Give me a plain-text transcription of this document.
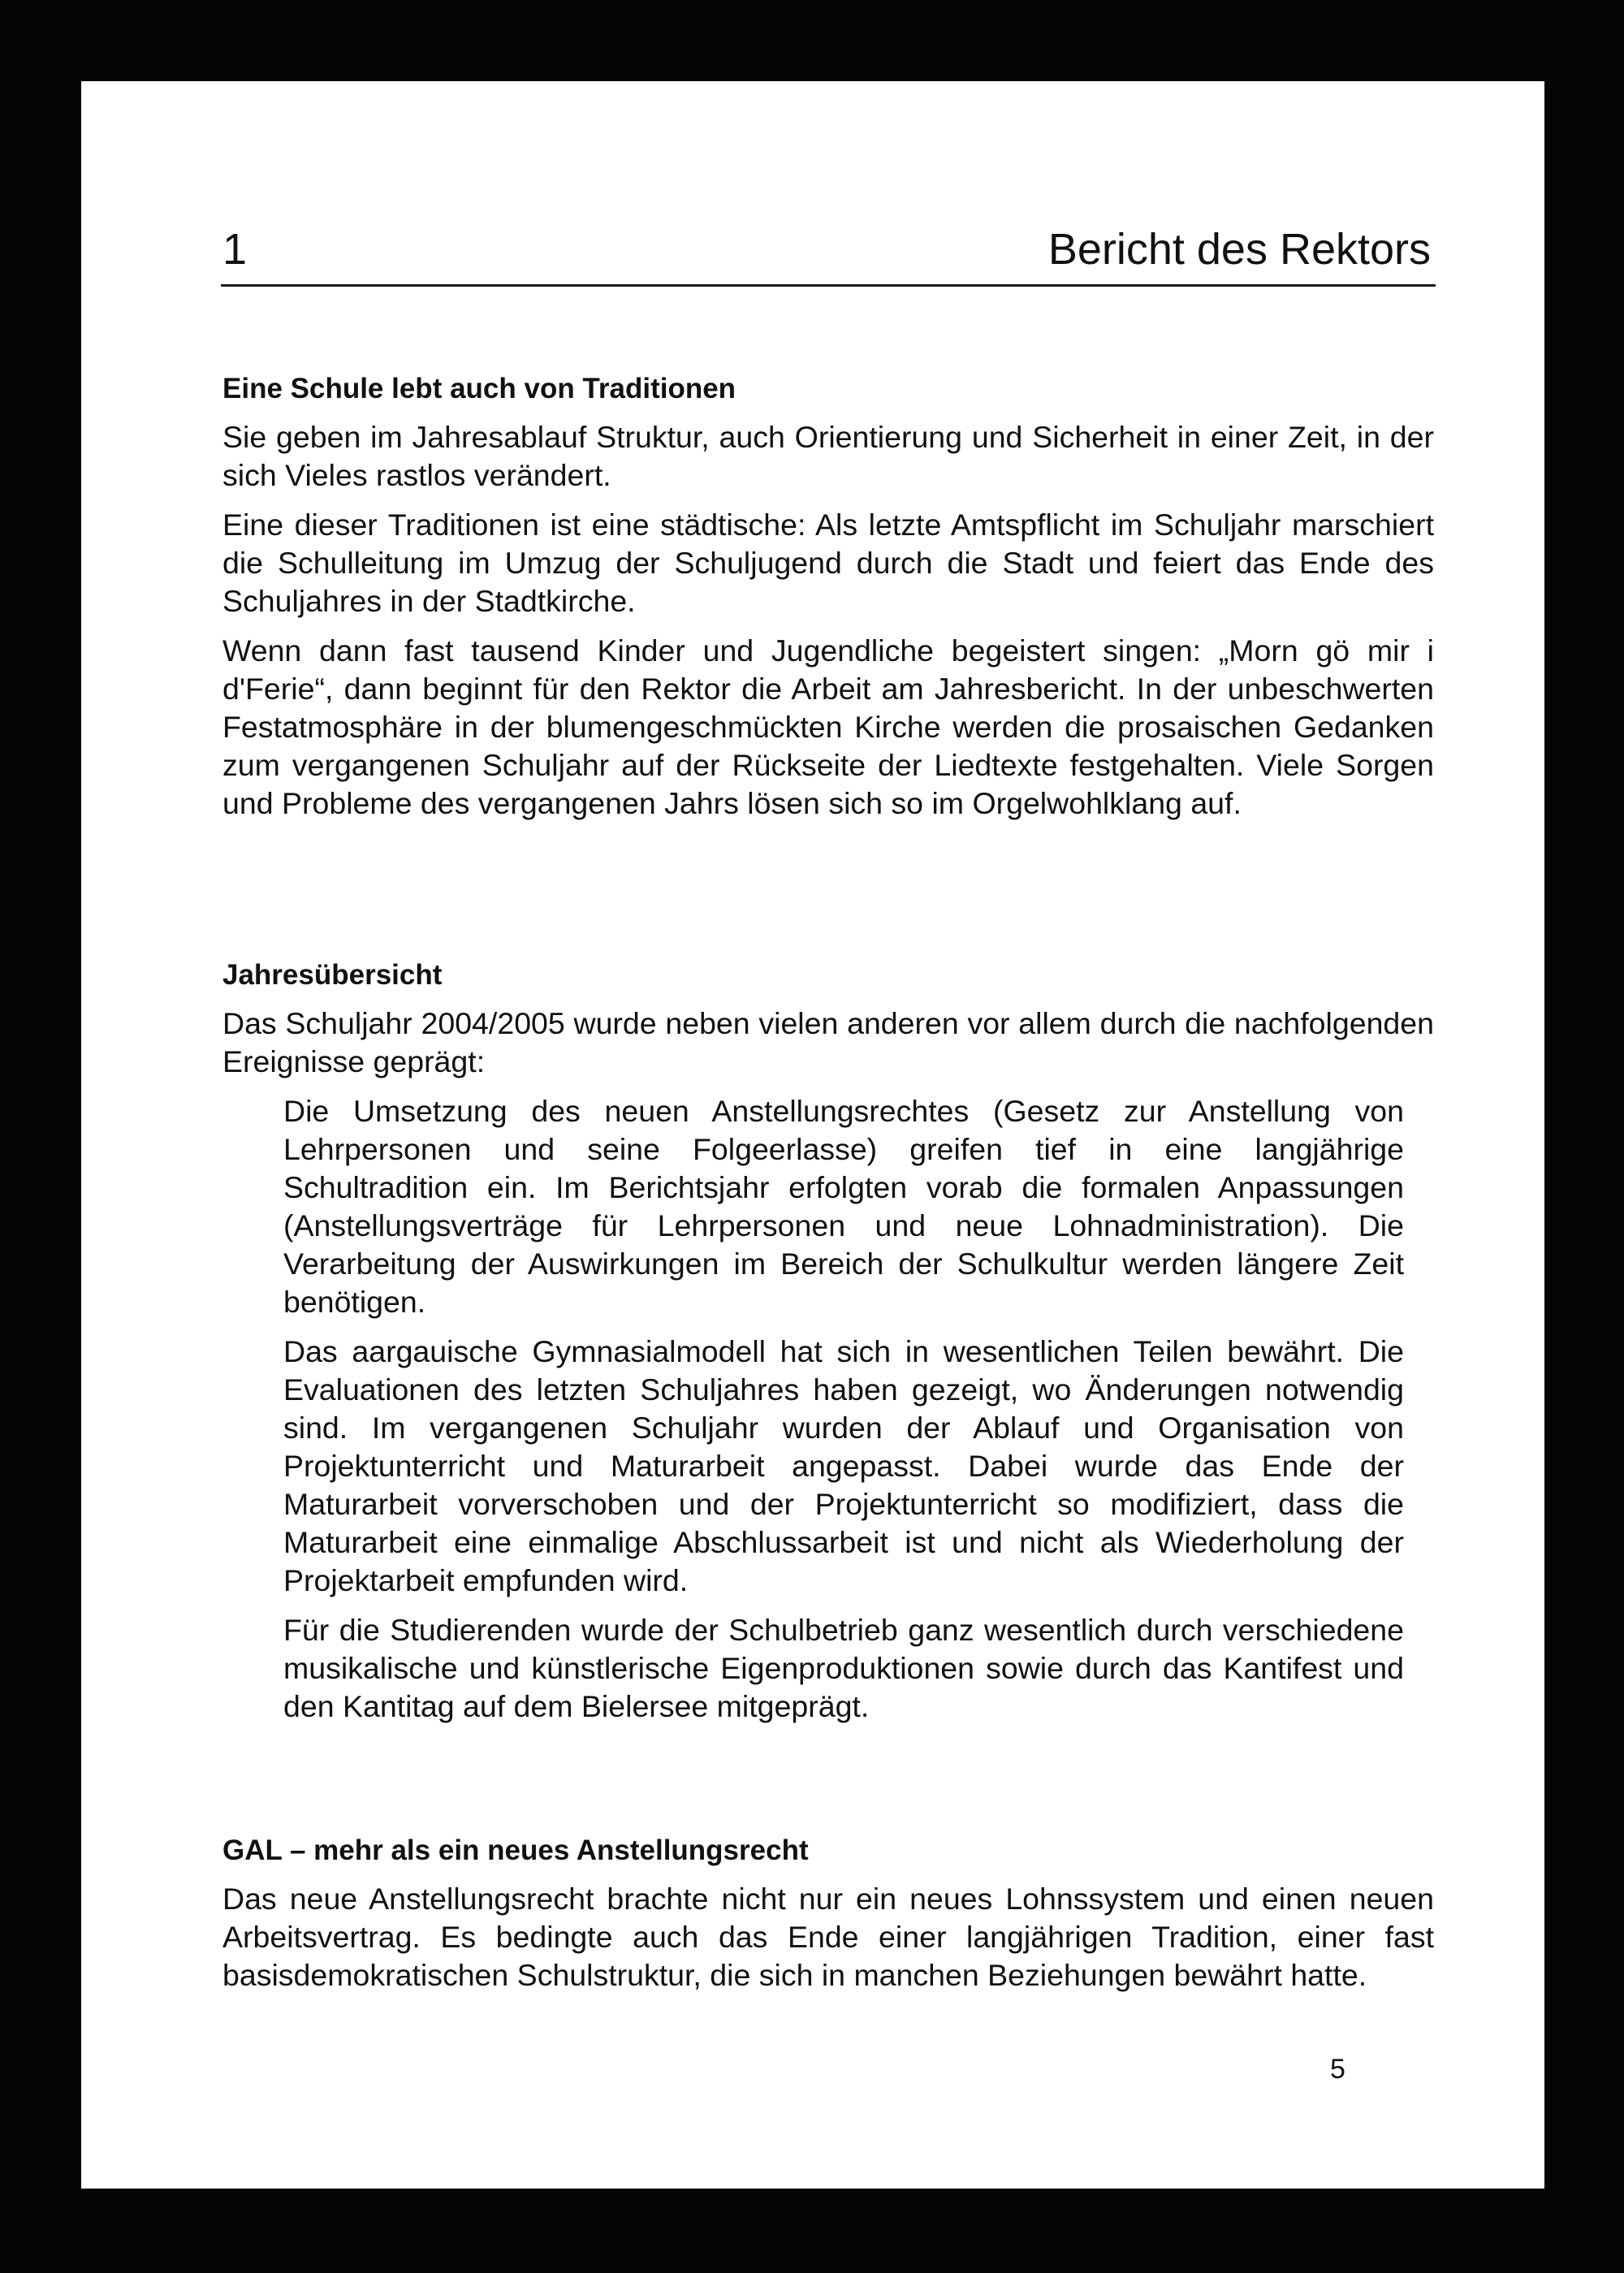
1	Bericht des Rektors
Eine Schule lebt auch von Traditionen

Sie geben im Jahresablauf Struktur, auch Orientierung und Sicherheit in einer Zeit, in der sich Vieles rastlos verändert.

Eine dieser Traditionen ist eine städtische: Als letzte Amtspflicht im Schuljahr marschiert die Schulleitung im Umzug der Schuljugend durch die Stadt und feiert das Ende des Schuljahres in der Stadtkirche.

Wenn dann fast tausend Kinder und Jugendliche begeistert singen: „Morn gö mir i d'Ferie“, dann beginnt für den Rektor die Arbeit am Jahresbericht. In der unbeschwerten Festatmosphäre in der blumengeschmückten Kirche werden die prosaischen Gedanken zum vergangenen Schuljahr auf der Rückseite der Liedtexte festgehalten. Viele Sorgen und Probleme des vergangenen Jahrs lösen sich so im Orgelwohlklang auf.

Jahresübersicht

Das Schuljahr 2004/2005 wurde neben vielen anderen vor allem durch die nachfolgenden Ereignisse geprägt:

Die Umsetzung des neuen Anstellungsrechtes (Gesetz zur Anstellung von Lehrpersonen und seine Folgeerlasse) greifen tief in eine langjährige Schultradition ein. Im Berichtsjahr erfolgten vorab die formalen Anpassungen (Anstellungsverträge für Lehrpersonen und neue Lohnadministration). Die Verarbeitung der Auswirkungen im Bereich der Schulkultur werden längere Zeit benötigen.

Das aargauische Gymnasialmodell hat sich in wesentlichen Teilen bewährt. Die Evaluationen des letzten Schuljahres haben gezeigt, wo Änderungen notwendig sind. Im vergangenen Schuljahr wurden der Ablauf und Organisation von Projektunterricht und Maturarbeit angepasst. Dabei wurde das Ende der Maturarbeit vorverschoben und der Projektunterricht so modifiziert, dass die Maturarbeit eine einmalige Abschlussarbeit ist und nicht als Wiederholung der Projektarbeit empfunden wird.

Für die Studierenden wurde der Schulbetrieb ganz wesentlich durch verschiedene musikalische und künstlerische Eigenproduktionen sowie durch das Kantifest und den Kantitag auf dem Bielersee mitgeprägt.

GAL – mehr als ein neues Anstellungsrecht

Das neue Anstellungsrecht brachte nicht nur ein neues Lohnssystem und einen neuen Arbeitsvertrag. Es bedingte auch das Ende einer langjährigen Tradition, einer fast basisdemokratischen Schulstruktur, die sich in manchen Beziehungen bewährt hatte.

5
